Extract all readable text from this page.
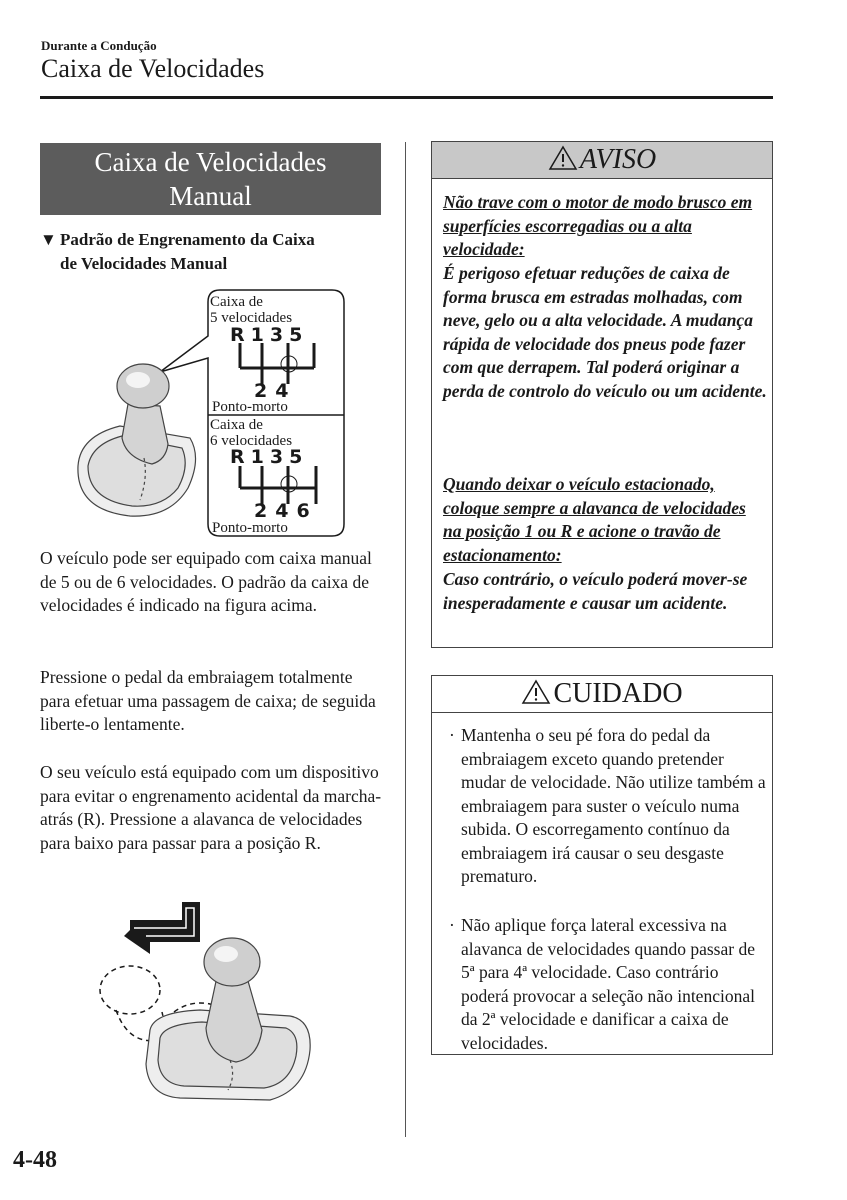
Durante a Condução
Caixa de Velocidades
Caixa de Velocidades
Manual
▼ Padrão de Engrenamento da Caixa
de Velocidades Manual
Caixa de
5 velocidades
R135
24
Ponto-morto
Caixa de
6 velocidades
R135
246
Ponto-morto

O veículo pode ser equipado com caixa manual de 5 ou de 6 velocidades. O padrão da caixa de velocidades é indicado na figura acima.

Pressione o pedal da embraiagem totalmente para efetuar uma passagem de caixa; de seguida liberte-o lentamente.

O seu veículo está equipado com um dispositivo para evitar o engrenamento acidental da marcha-atrás (R). Pressione a alavanca de velocidades para baixo para passar para a posição R.

AVISO

Não trave com o motor de modo brusco em superfícies escorregadias ou a alta velocidade:

É perigoso efetuar reduções de caixa de forma brusca em estradas molhadas, com neve, gelo ou a alta velocidade. A mudança rápida de velocidade dos pneus pode fazer com que derrapem. Tal poderá originar a perda de controlo do veículo ou um acidente.

Quando deixar o veículo estacionado, coloque sempre a alavanca de velocidades na posição 1 ou R e acione o travão de estacionamento:

Caso contrário, o veículo poderá mover-se inesperadamente e causar um acidente.

CUIDADO
· Mantenha o seu pé fora do pedal da embraiagem exceto quando pretender mudar de velocidade. Não utilize também a embraiagem para suster o veículo numa subida. O escorregamento contínuo da embraiagem irá causar o seu desgaste prematuro.
· Não aplique força lateral excessiva na alavanca de velocidades quando passar de 5ª para 4ª velocidade. Caso contrário poderá provocar a seleção não intencional da 2ª velocidade e danificar a caixa de velocidades.
4-48
